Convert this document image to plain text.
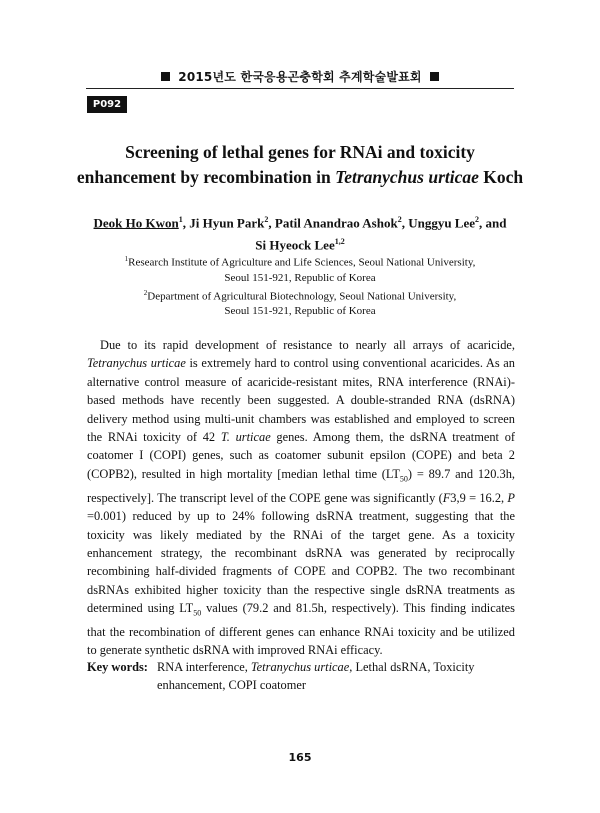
2015년도 한국응용곤충학회 추계학술발표회
P092
Screening of lethal genes for RNAi and toxicity
enhancement by recombination in Tetranychus urticae Koch
Deok Ho Kwon$^1$, Ji Hyun Park$^2$, Patil Anandrao Ashok$^2$, Unggyu Lee$^2$, and
Si Hyeock Lee$^{1,2}$
$^1$Research Institute of Agriculture and Life Sciences, Seoul National University,
Seoul 151-921, Republic of Korea
$^2$Department of Agricultural Biotechnology, Seoul National University,
Seoul 151-921, Republic of Korea

Due to its rapid development of resistance to nearly all arrays of acaricide, Tetranychus urticae is extremely hard to control using conventional acaricides. As an alternative control measure of acaricide-resistant mites, RNA interference (RNAi)-based methods have recently been suggested. A double-stranded RNA (dsRNA) delivery method using multi-unit chambers was established and employed to screen the RNAi toxicity of 42 T. urticae genes. Among them, the dsRNA treatment of coatomer I (COPI) genes, such as coatomer subunit epsilon (COPE) and beta 2 (COPB2), resulted in high mortality [median lethal time $(LT_{50}) = 89.7$ and 120.3h, respectively]. The transcript level of the COPE gene was significantly (F3,9 = 16.2, P =0.001) reduced by up to 24% following dsRNA treatment, suggesting that the toxicity was likely mediated by the RNAi of the target gene. As a toxicity enhancement strategy, the recombinant dsRNA was generated by reciprocally recombining half-divided fragments of COPE and COPB2. The two recombinant dsRNAs exhibited higher toxicity than the respective single dsRNA treatments as determined using $LT_{50}$ values (79.2 and 81.5h, respectively). This finding indicates that the recombination of different genes can enhance RNAi toxicity and be utilized to generate synthetic dsRNA with improved RNAi efficacy.

Key words: RNA interference, Tetranychus urticae, Lethal dsRNA, Toxicity enhancement, COPI coatomer
165
